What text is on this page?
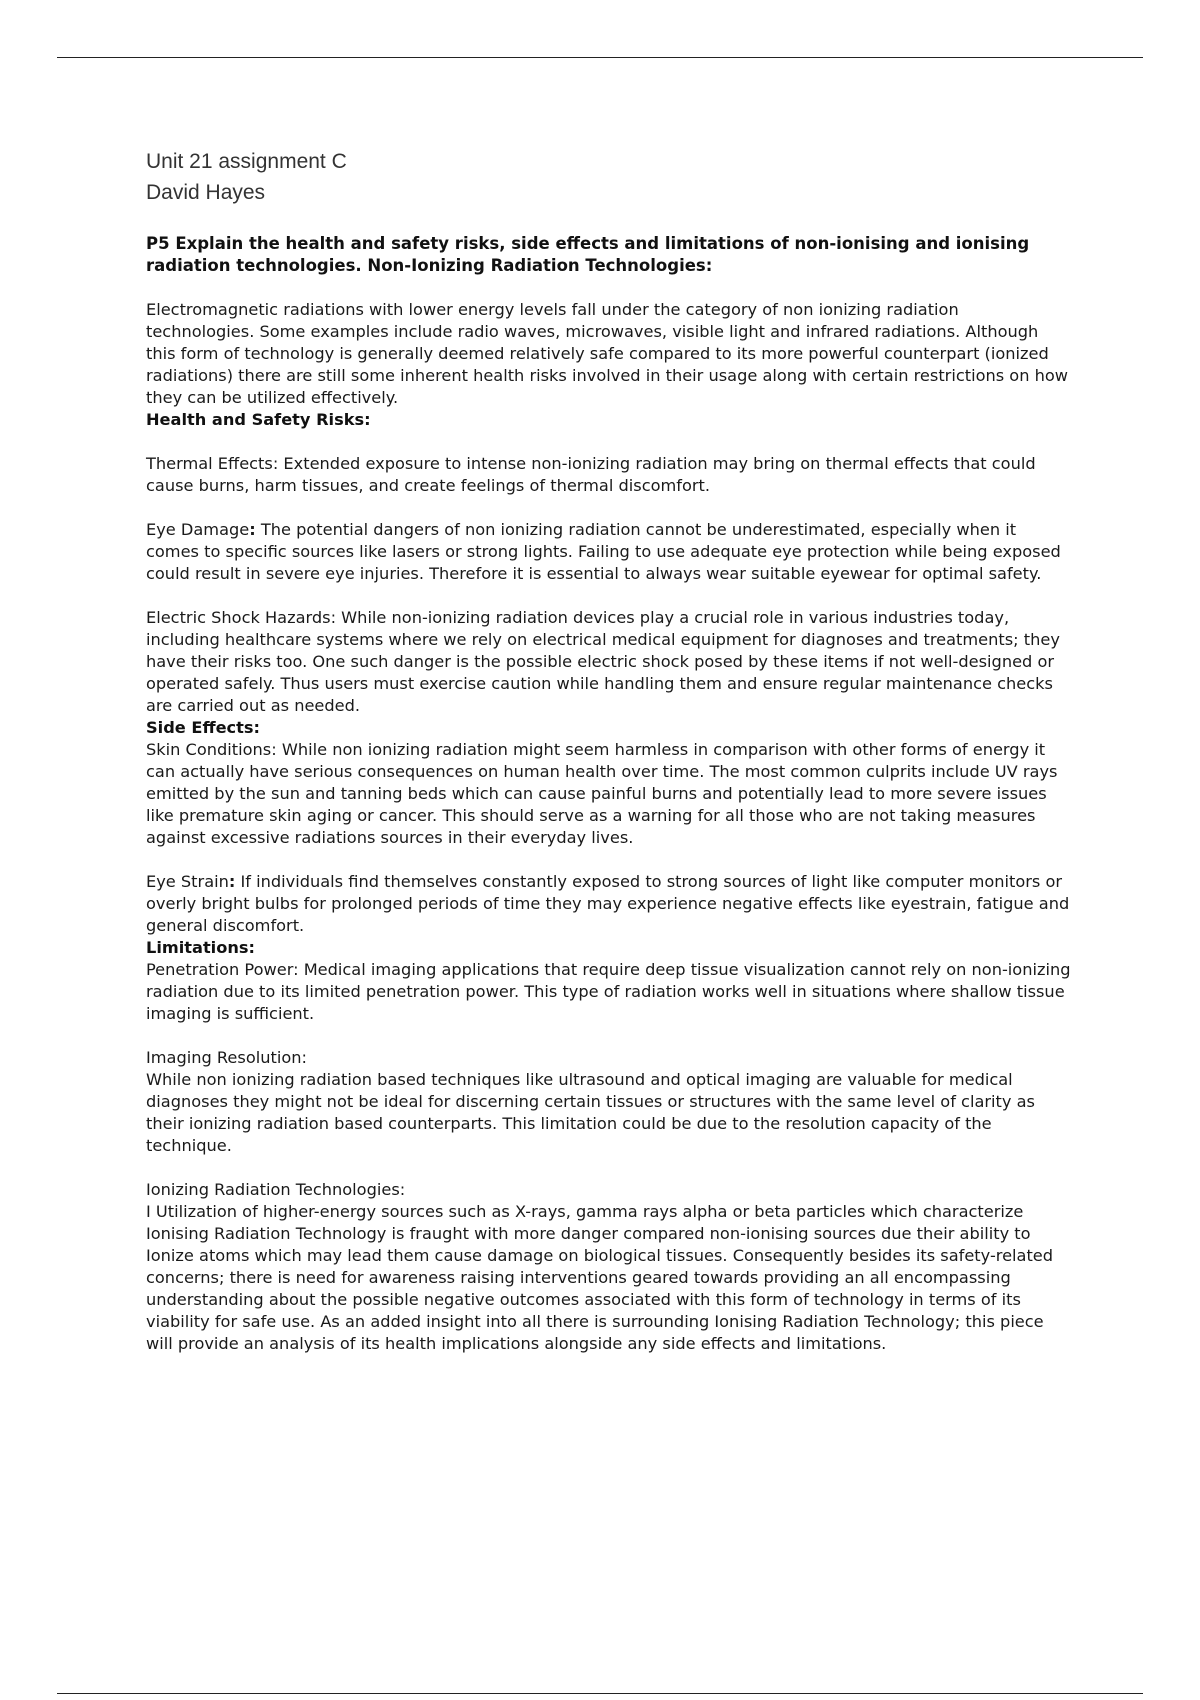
Unit 21 assignment C

David Hayes

P5 Explain the health and safety risks, side effects and limitations of non-ionising and ionising radiation technologies. Non-Ionizing Radiation Technologies:

Electromagnetic radiations with lower energy levels fall under the category of non ionizing radiation technologies. Some examples include radio waves, microwaves, visible light and infrared radiations. Although this form of technology is generally deemed relatively safe compared to its more powerful counterpart (ionized radiations) there are still some inherent health risks involved in their usage along with certain restrictions on how they can be utilized effectively.

Health and Safety Risks:

Thermal Effects: Extended exposure to intense non-ionizing radiation may bring on thermal effects that could cause burns, harm tissues, and create feelings of thermal discomfort.

Eye Damage: The potential dangers of non ionizing radiation cannot be underestimated, especially when it comes to specific sources like lasers or strong lights. Failing to use adequate eye protection while being exposed could result in severe eye injuries. Therefore it is essential to always wear suitable eyewear for optimal safety.

Electric Shock Hazards: While non-ionizing radiation devices play a crucial role in various industries today, including healthcare systems where we rely on electrical medical equipment for diagnoses and treatments; they have their risks too. One such danger is the possible electric shock posed by these items if not well-designed or operated safely. Thus users must exercise caution while handling them and ensure regular maintenance checks are carried out as needed.

Side Effects:

Skin Conditions: While non ionizing radiation might seem harmless in comparison with other forms of energy it can actually have serious consequences on human health over time. The most common culprits include UV rays emitted by the sun and tanning beds which can cause painful burns and potentially lead to more severe issues like premature skin aging or cancer. This should serve as a warning for all those who are not taking measures against excessive radiations sources in their everyday lives.

Eye Strain: If individuals find themselves constantly exposed to strong sources of light like computer monitors or overly bright bulbs for prolonged periods of time they may experience negative effects like eyestrain, fatigue and general discomfort.

Limitations:

Penetration Power: Medical imaging applications that require deep tissue visualization cannot rely on non-ionizing radiation due to its limited penetration power. This type of radiation works well in situations where shallow tissue imaging is sufficient.

Imaging Resolution:

While non ionizing radiation based techniques like ultrasound and optical imaging are valuable for medical diagnoses they might not be ideal for discerning certain tissues or structures with the same level of clarity as their ionizing radiation based counterparts. This limitation could be due to the resolution capacity of the technique.

Ionizing Radiation Technologies:

I Utilization of higher-energy sources such as X-rays, gamma rays alpha or beta particles which characterize Ionising Radiation Technology is fraught with more danger compared non-ionising sources due their ability to Ionize atoms which may lead them cause damage on biological tissues. Consequently besides its safety-related concerns; there is need for awareness raising interventions geared towards providing an all encompassing understanding about the possible negative outcomes associated with this form of technology in terms of its viability for safe use. As an added insight into all there is surrounding Ionising Radiation Technology; this piece will provide an analysis of its health implications alongside any side effects and limitations.
